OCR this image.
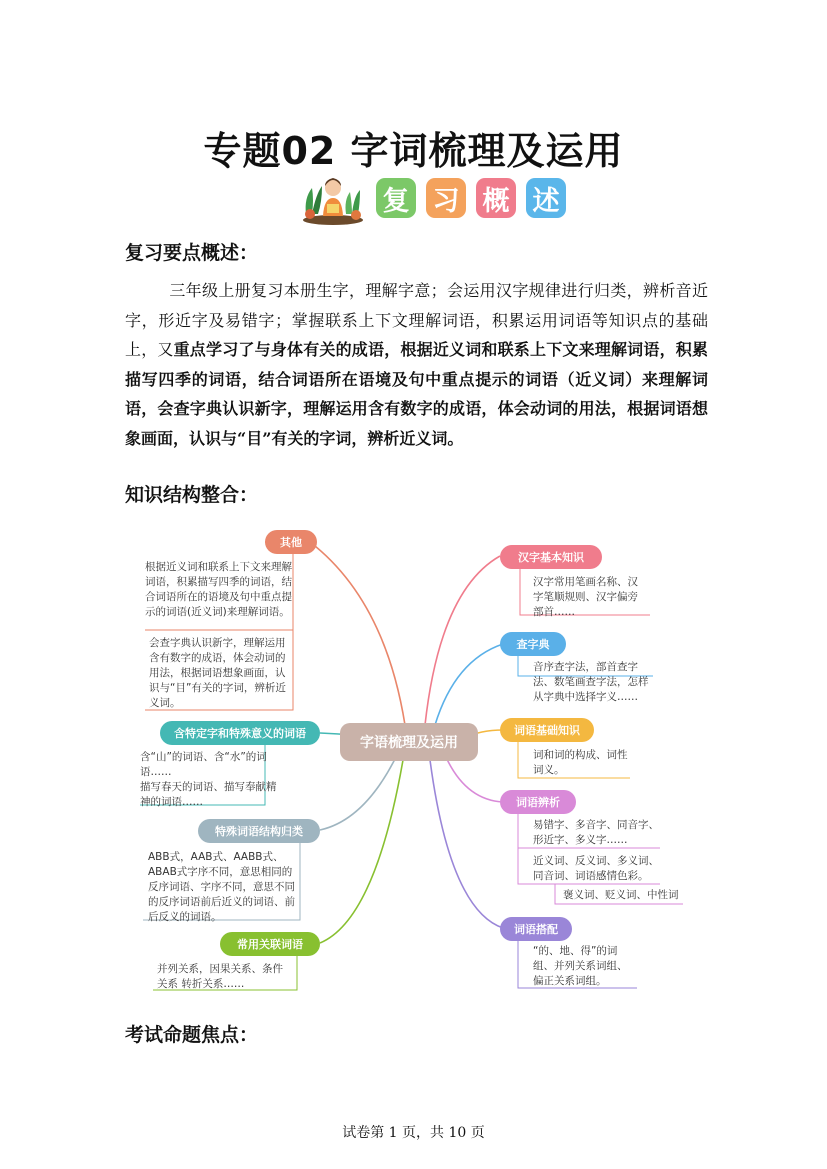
专题02 字词梳理及运用
复 习 概 述
复习要点概述：
三年级上册复习本册生字，理解字意；会运用汉字规律进行归类，辨析音近字，形近字及易错字；掌握联系上下文理解词语，积累运用词语等知识点的基础上，又重点学习了与身体有关的成语，根据近义词和联系上下文来理解词语，积累描写四季的词语，结合词语所在语境及句中重点提示的词语（近义词）来理解词语，会查字典认识新字，理解运用含有数字的成语，体会动词的用法，根据词语想象画面，认识与“目”有关的字词，辨析近义词。
知识结构整合：
字语梳理及运用
其他
根据近义词和联系上下文来理解词语，积累描写四季的词语，结合词语所在的语境及句中重点提示的词语(近义词)来理解词语。
会查字典认识新字，理解运用含有数字的成语，体会动词的用法，根据词语想象画面，认识与“目”有关的字词，辨析近义词。
含特定字和特殊意义的词语
含“山”的词语、含“水”的词语……
描写春天的词语、描写奉献精神的词语……
特殊词语结构归类
ABB式，AAB式、AABB式、ABAB式字序不同，意思相同的反序词语、字序不同，意思不同的反序词语前后近义的词语、前后反义的词语。
常用关联词语
并列关系，因果关系、条件关系 转折关系……
汉字基本知识
汉字常用笔画名称、汉字笔顺规则、汉字偏旁部首……
查字典
音序查字法，部首查字法、数笔画查字法，怎样从字典中选择字义……
词语基础知识
词和词的构成、词性词义。
词语辨析
易错字、多音字、同音字、形近字、多义字……
近义词、反义词、多义词、同音词、词语感情色彩。
褒义词、贬义词、中性词
词语搭配
“的、地、得”的词组、并列关系词组、偏正关系词组。
考试命题焦点：
试卷第 1 页，共 10 页
